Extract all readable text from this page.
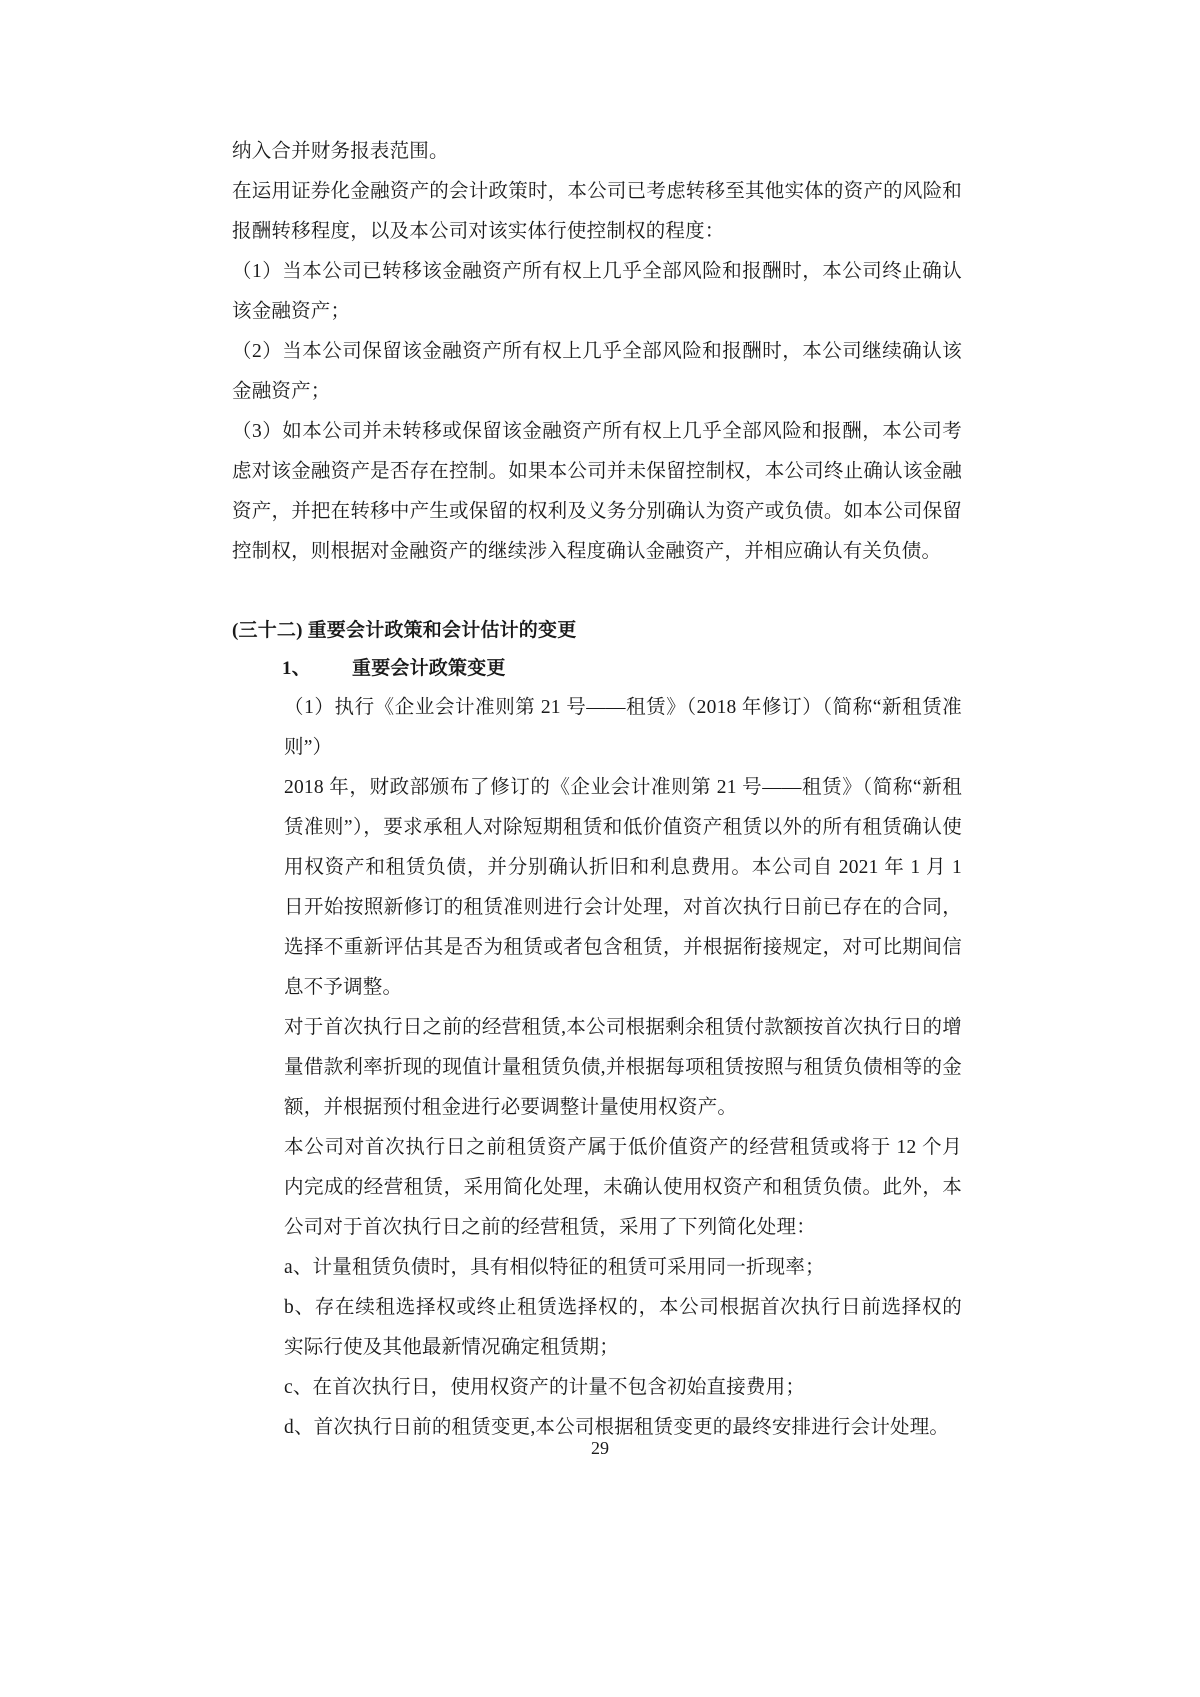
纳入合并财务报表范围。

在运用证券化金融资产的会计政策时，本公司已考虑转移至其他实体的资产的风险和报酬转移程度，以及本公司对该实体行使控制权的程度：

（1）当本公司已转移该金融资产所有权上几乎全部风险和报酬时，本公司终止确认该金融资产；

（2）当本公司保留该金融资产所有权上几乎全部风险和报酬时，本公司继续确认该金融资产；

（3）如本公司并未转移或保留该金融资产所有权上几乎全部风险和报酬，本公司考虑对该金融资产是否存在控制。如果本公司并未保留控制权，本公司终止确认该金融资产，并把在转移中产生或保留的权利及义务分别确认为资产或负债。如本公司保留控制权，则根据对金融资产的继续涉入程度确认金融资产，并相应确认有关负债。

(三十二) 重要会计政策和会计估计的变更

1、 重要会计政策变更

（1）执行《企业会计准则第 21 号——租赁》（2018 年修订）（简称“新租赁准则”）

2018 年，财政部颁布了修订的《企业会计准则第 21 号——租赁》（简称“新租赁准则”），要求承租人对除短期租赁和低价值资产租赁以外的所有租赁确认使用权资产和租赁负债，并分别确认折旧和利息费用。本公司自 2021 年 1 月 1 日开始按照新修订的租赁准则进行会计处理，对首次执行日前已存在的合同，选择不重新评估其是否为租赁或者包含租赁，并根据衔接规定，对可比期间信息不予调整。

对于首次执行日之前的经营租赁,本公司根据剩余租赁付款额按首次执行日的增量借款利率折现的现值计量租赁负债,并根据每项租赁按照与租赁负债相等的金额，并根据预付租金进行必要调整计量使用权资产。

本公司对首次执行日之前租赁资产属于低价值资产的经营租赁或将于 12 个月内完成的经营租赁，采用简化处理，未确认使用权资产和租赁负债。此外，本公司对于首次执行日之前的经营租赁，采用了下列简化处理：

a、计量租赁负债时，具有相似特征的租赁可采用同一折现率；

b、存在续租选择权或终止租赁选择权的，本公司根据首次执行日前选择权的实际行使及其他最新情况确定租赁期；

c、在首次执行日，使用权资产的计量不包含初始直接费用；

d、首次执行日前的租赁变更,本公司根据租赁变更的最终安排进行会计处理。

29
